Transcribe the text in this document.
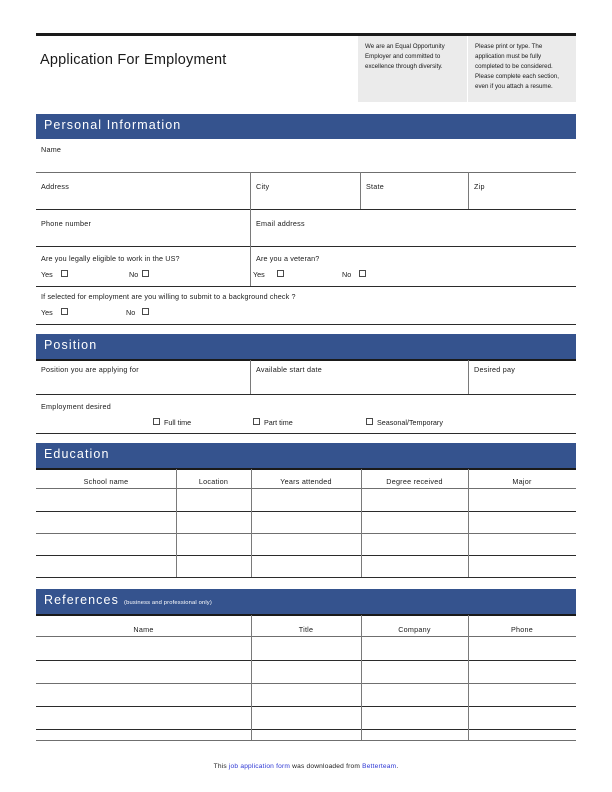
Application For Employment
We are an Equal Opportunity Employer and committed to excellence through diversity.
Please print or type. The application must be fully completed to be considered. Please complete each section, even if you attach a resume.
Personal Information
Name
Address	City	State	Zip
Phone number	Email address
Are you legally eligible to work in the US?
Yes	No
Are you a veteran?
Yes	No
If selected for employment are you willing to submit to a background check ?
Yes	No
Position
Position you are applying for	Available start date	Desired pay
Employment desired
Full time	Part time	Seasonal/Temporary
Education
School name	Location	Years attended	Degree received	Major
References (business and professional only)
Name	Title	Company	Phone
This job application form was downloaded from Betterteam.
